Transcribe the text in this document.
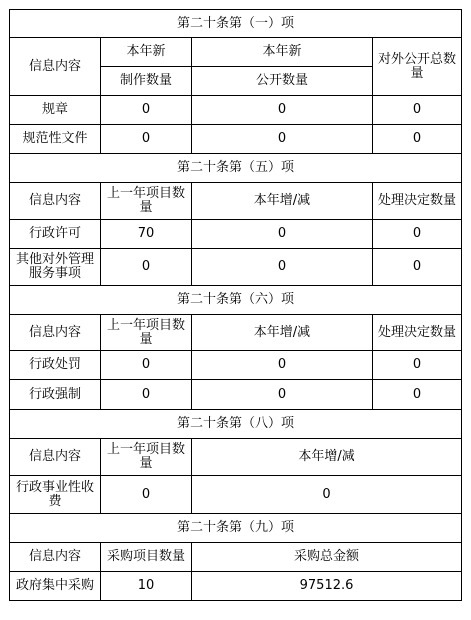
第二十条第（一）项			
信息内容	本年新	本年新	对外公开总数量
	制作数量	公开数量	
规章	0	0	0
规范性文件	0	0	0
第二十条第（五）项			
信息内容	上一年项目数量	本年增/减	处理决定数量
行政许可	70	0	0
其他对外管理服务事项	0	0	0
第二十条第（六）项			
信息内容	上一年项目数量	本年增/减	处理决定数量
行政处罚	0	0	0
行政强制	0	0	0
第二十条第（八）项			
信息内容	上一年项目数量	本年增/减	
行政事业性收费	0	0	
第二十条第（九）项			
信息内容	采购项目数量	采购总金额	
政府集中采购	10	97512.6	
